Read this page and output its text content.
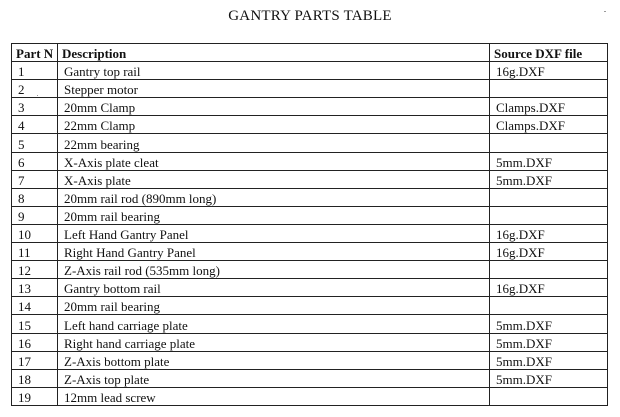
GANTRY PARTS TABLE
Part N	Description	Source DXF file
1	Gantry top rail	16g.DXF
2	Stepper motor	
3	20mm Clamp	Clamps.DXF
4	22mm Clamp	Clamps.DXF
5	22mm bearing	
6	X-Axis plate cleat	5mm.DXF
7	X-Axis plate	5mm.DXF
8	20mm rail rod (890mm long)	
9	20mm rail bearing	
10	Left Hand Gantry Panel	16g.DXF
11	Right Hand Gantry Panel	16g.DXF
12	Z-Axis rail rod (535mm long)	
13	Gantry bottom rail	16g.DXF
14	20mm rail bearing	
15	Left hand carriage plate	5mm.DXF
16	Right hand carriage plate	5mm.DXF
17	Z-Axis bottom plate	5mm.DXF
18	Z-Axis top plate	5mm.DXF
19	12mm lead screw	
